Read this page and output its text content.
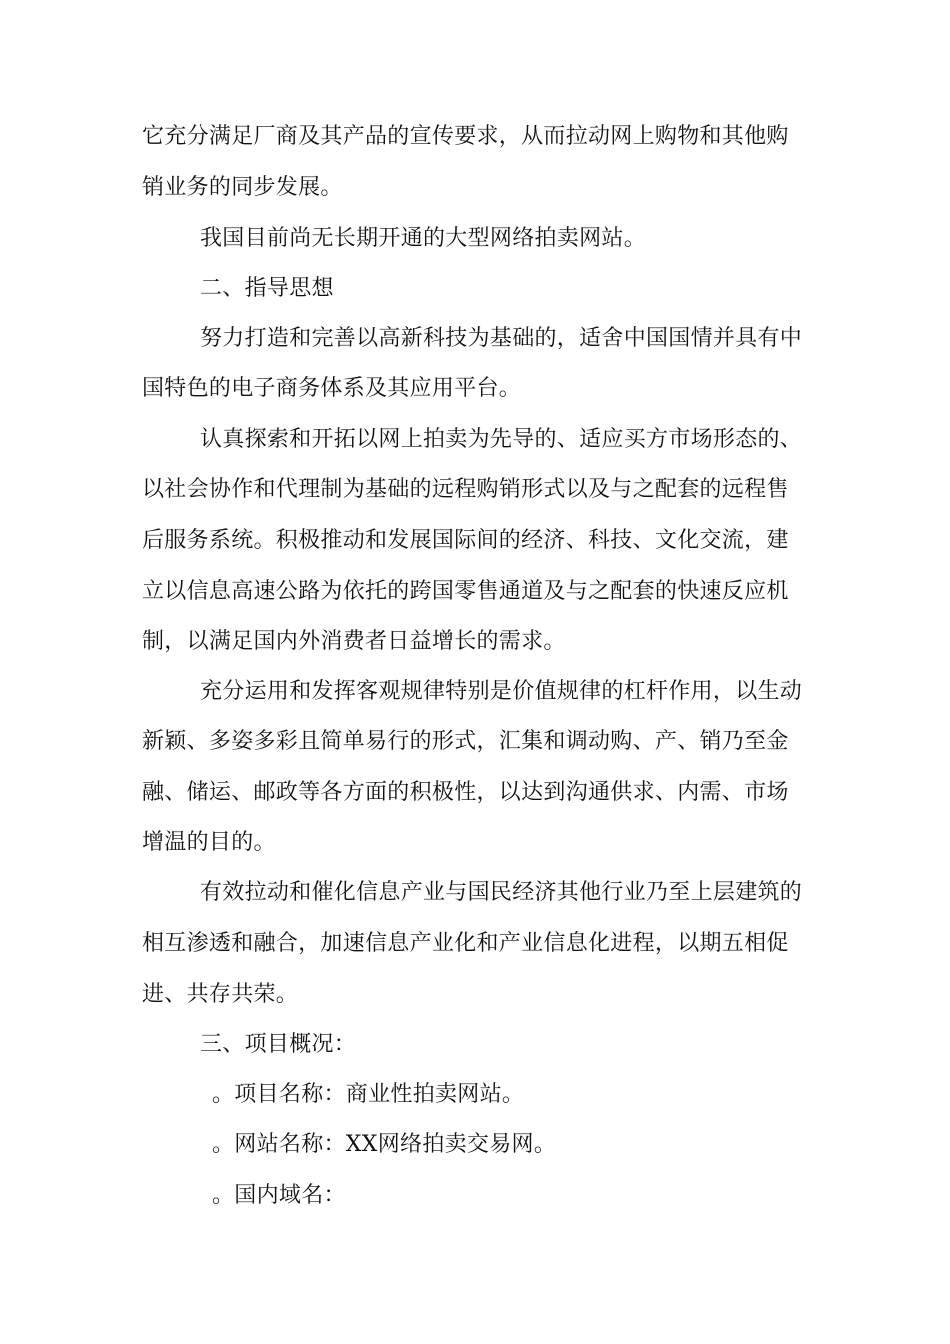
它充分满足厂商及其产品的宣传要求，从而拉动网上购物和其他购
销业务的同步发展。
我国目前尚无长期开通的大型网络拍卖网站。
二、指导思想
努力打造和完善以高新科技为基础的，适舍中国国情并具有中
国特色的电子商务体系及其应用平台。
认真探索和开拓以网上拍卖为先导的、适应买方市场形态的、
以社会协作和代理制为基础的远程购销形式以及与之配套的远程售
后服务系统。积极推动和发展国际间的经济、科技、文化交流，建
立以信息高速公路为依托的跨国零售通道及与之配套的快速反应机
制，以满足国内外消费者日益增长的需求。
充分运用和发挥客观规律特别是价值规律的杠杆作用，以生动
新颖、多姿多彩且简单易行的形式，汇集和调动购、产、销乃至金
融、储运、邮政等各方面的积极性，以达到沟通供求、内需、市场
增温的目的。
有效拉动和催化信息产业与国民经济其他行业乃至上层建筑的
相互渗透和融合，加速信息产业化和产业信息化进程，以期五相促
进、共存共荣。
三、项目概况：
。项目名称：商业性拍卖网站。
。网站名称：XX网络拍卖交易网。
。国内域名：
